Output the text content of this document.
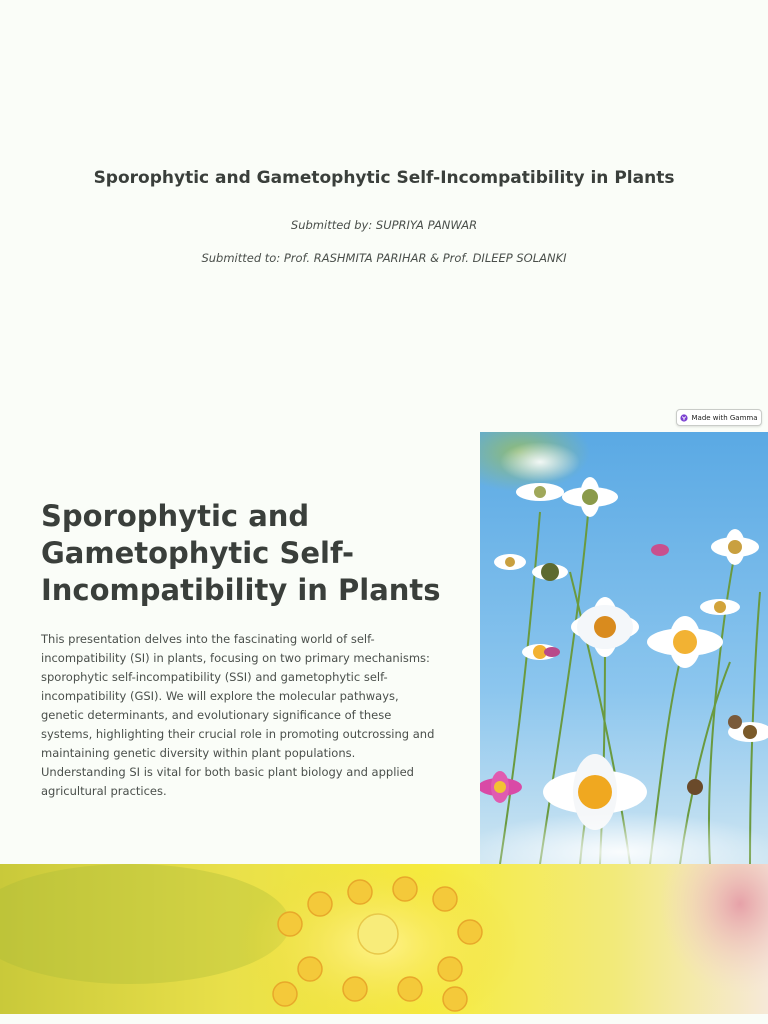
Sporophytic and Gametophytic Self-Incompatibility in Plants

Submitted by: SUPRIYA PANWAR

Submitted to: Prof. RASHMITA PARIHAR & Prof. DILEEP SOLANKI

Made with Gamma
Sporophytic and Gametophytic Self-Incompatibility in Plants

This presentation delves into the fascinating world of self-incompatibility (SI) in plants, focusing on two primary mechanisms: sporophytic self-incompatibility (SSI) and gametophytic self-incompatibility (GSI). We will explore the molecular pathways, genetic determinants, and evolutionary significance of these systems, highlighting their crucial role in promoting outcrossing and maintaining genetic diversity within plant populations. Understanding SI is vital for both basic plant biology and applied agricultural practices.
